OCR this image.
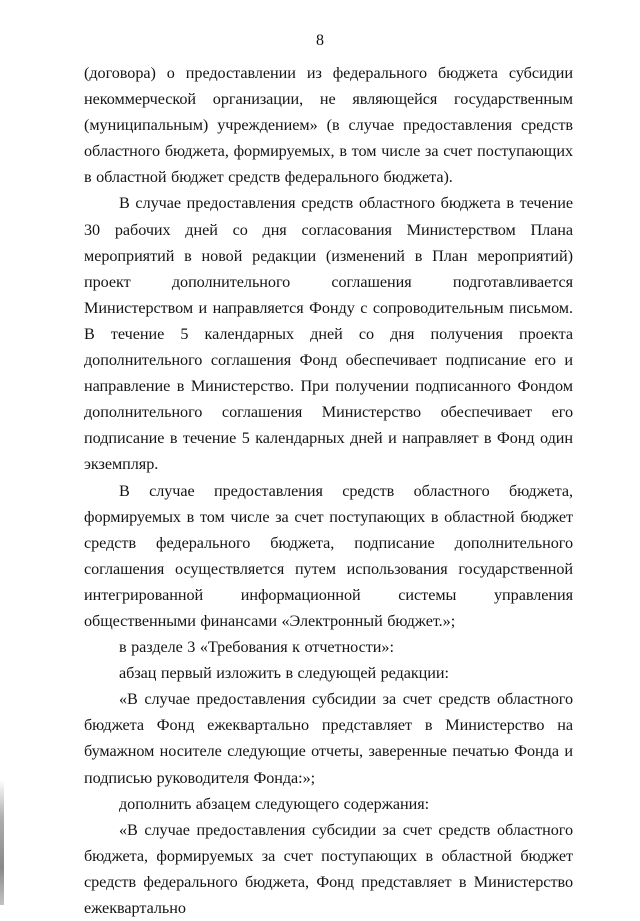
8

(договора) о предоставлении из федерального бюджета субсидии некоммерческой организации, не являющейся государственным (муниципальным) учреждением» (в случае предоставления средств областного бюджета, формируемых, в том числе за счет поступающих в областной бюджет средств федерального бюджета).

В случае предоставления средств областного бюджета в течение 30 рабочих дней со дня согласования Министерством Плана мероприятий в новой редакции (изменений в План мероприятий) проект дополнительного соглашения подготавливается Министерством и направляется Фонду с сопроводительным письмом. В течение 5 календарных дней со дня получения проекта дополнительного соглашения Фонд обеспечивает подписание его и направление в Министерство. При получении подписанного Фондом дополнительного соглашения Министерство обеспечивает его подписание в течение 5 календарных дней и направляет в Фонд один экземпляр.

В случае предоставления средств областного бюджета, формируемых в том числе за счет поступающих в областной бюджет средств федерального бюджета, подписание дополнительного соглашения осуществляется путем использования государственной интегрированной информационной системы управления общественными финансами «Электронный бюджет.»;

в разделе 3 «Требования к отчетности»:

абзац первый изложить в следующей редакции:

«В случае предоставления субсидии за счет средств областного бюджета Фонд ежеквартально представляет в Министерство на бумажном носителе следующие отчеты, заверенные печатью Фонда и подписью руководителя Фонда:»;

дополнить абзацем следующего содержания:

«В случае предоставления субсидии за счет средств областного бюджета, формируемых за счет поступающих в областной бюджет средств федерального бюджета, Фонд представляет в Министерство ежеквартально
